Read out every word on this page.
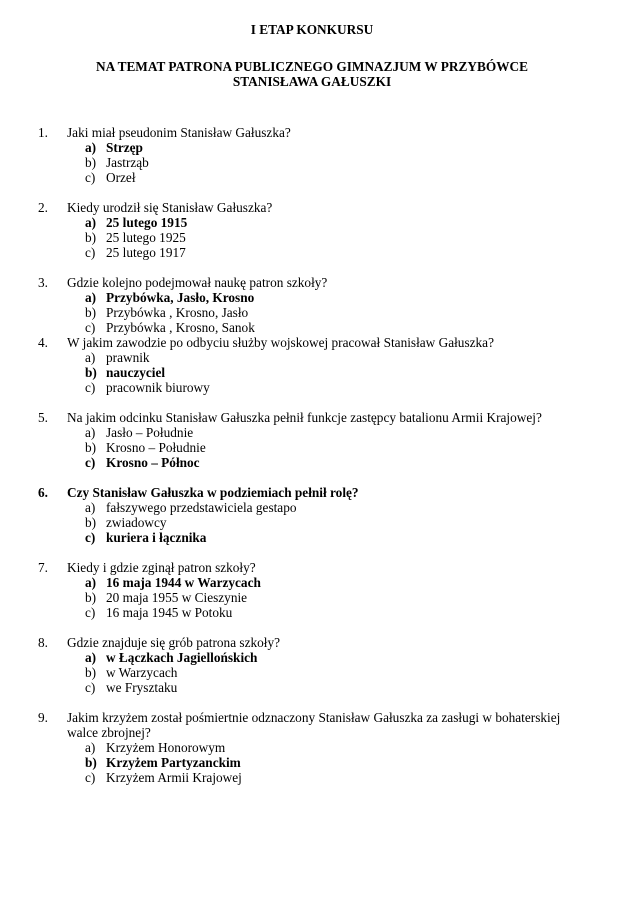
I ETAP KONKURSU

NA TEMAT PATRONA PUBLICZNEGO GIMNAZJUM W PRZYBÓWCE

STANISŁAWA GAŁUSZKI

1.	Jaki miał pseudonim Stanisław Gałuszka?
a) Strzęp
b) Jastrząb
c) Orzeł
2.	Kiedy urodził się Stanisław Gałuszka?
a) 25 lutego 1915
b) 25 lutego 1925
c) 25 lutego 1917
3.	Gdzie kolejno podejmował naukę patron szkoły?
a) Przybówka, Jasło, Krosno
b) Przybówka , Krosno, Jasło
c) Przybówka , Krosno, Sanok
4.	W jakim zawodzie po odbyciu służby wojskowej pracował Stanisław Gałuszka?
a) prawnik
b) nauczyciel
c) pracownik biurowy
5.	Na jakim odcinku Stanisław Gałuszka pełnił funkcje zastępcy batalionu Armii Krajowej?
a) Jasło – Południe
b) Krosno – Południe
c) Krosno – Północ
6.	Czy Stanisław Gałuszka w podziemiach pełnił rolę?
a) fałszywego przedstawiciela gestapo
b) zwiadowcy
c) kuriera i łącznika
7.	Kiedy i gdzie zginął patron szkoły?
a) 16 maja 1944 w Warzycach
b) 20 maja 1955 w Cieszynie
c) 16 maja 1945 w Potoku
8.	Gdzie znajduje się grób patrona szkoły?
a) w Łączkach Jagiellońskich
b) w Warzycach
c) we Frysztaku
9.	Jakim krzyżem został pośmiertnie odznaczony Stanisław Gałuszka za zasługi w bohaterskiej walce zbrojnej?
a) Krzyżem Honorowym
b) Krzyżem Partyzanckim
c) Krzyżem Armii Krajowej
